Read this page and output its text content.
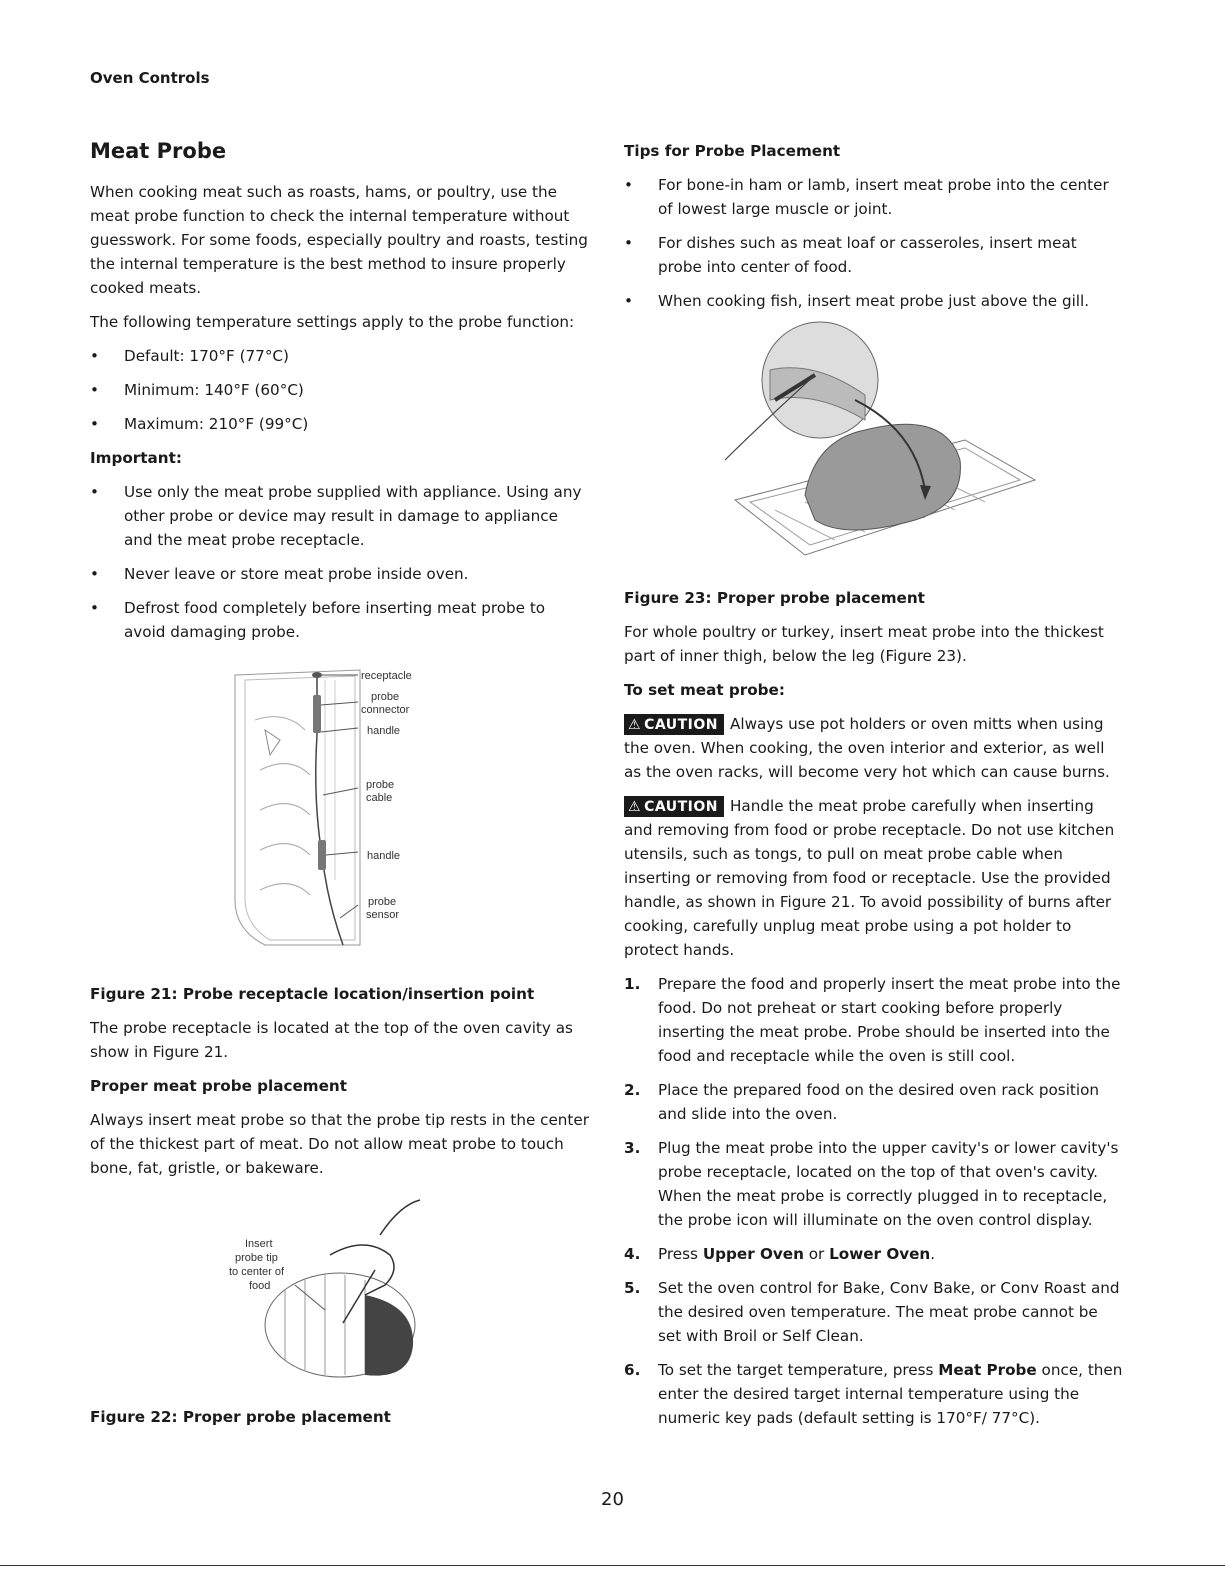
Oven Controls
Meat Probe

When cooking meat such as roasts, hams, or poultry, use the meat probe function to check the internal temperature without guesswork. For some foods, especially poultry and roasts, testing the internal temperature is the best method to insure properly cooked meats.

The following temperature settings apply to the probe function:

• Default: 170°F (77°C)
• Minimum: 140°F (60°C)
• Maximum: 210°F (99°C)
Important:
• Use only the meat probe supplied with appliance. Using any other probe or device may result in damage to appliance and the meat probe receptacle.
• Never leave or store meat probe inside oven.
• Defrost food completely before inserting meat probe to avoid damaging probe.
receptacle
probe
connector
handle
probe
cable
handle
probe
sensor
Figure 21: Probe receptacle location/insertion point

The probe receptacle is located at the top of the oven cavity as show in Figure 21.

Proper meat probe placement

Always insert meat probe so that the probe tip rests in the center of the thickest part of meat. Do not allow meat probe to touch bone, fat, gristle, or bakeware.

Insert
probe tip
to center of
food
Figure 22: Proper probe placement
Tips for Probe Placement
• For bone-in ham or lamb, insert meat probe into the center of lowest large muscle or joint.
• For dishes such as meat loaf or casseroles, insert meat probe into center of food.
• When cooking fish, insert meat probe just above the gill.
Figure 23: Proper probe placement

For whole poultry or turkey, insert meat probe into the thickest part of inner thigh, below the leg (Figure 23).

To set meat probe:

⚠ CAUTION Always use pot holders or oven mitts when using the oven. When cooking, the oven interior and exterior, as well as the oven racks, will become very hot which can cause burns.

⚠ CAUTION Handle the meat probe carefully when inserting and removing from food or probe receptacle. Do not use kitchen utensils, such as tongs, to pull on meat probe cable when inserting or removing from food or receptacle. Use the provided handle, as shown in Figure 21. To avoid possibility of burns after cooking, carefully unplug meat probe using a pot holder to protect hands.

1. Prepare the food and properly insert the meat probe into the food. Do not preheat or start cooking before properly inserting the meat probe. Probe should be inserted into the food and receptacle while the oven is still cool.
2. Place the prepared food on the desired oven rack position and slide into the oven.
3. Plug the meat probe into the upper cavity's or lower cavity's probe receptacle, located on the top of that oven's cavity. When the meat probe is correctly plugged in to receptacle, the probe icon will illuminate on the oven control display.
4. Press Upper Oven or Lower Oven.
5. Set the oven control for Bake, Conv Bake, or Conv Roast and the desired oven temperature. The meat probe cannot be set with Broil or Self Clean.
6. To set the target temperature, press Meat Probe once, then enter the desired target internal temperature using the numeric key pads (default setting is 170°F/ 77°C).
20
